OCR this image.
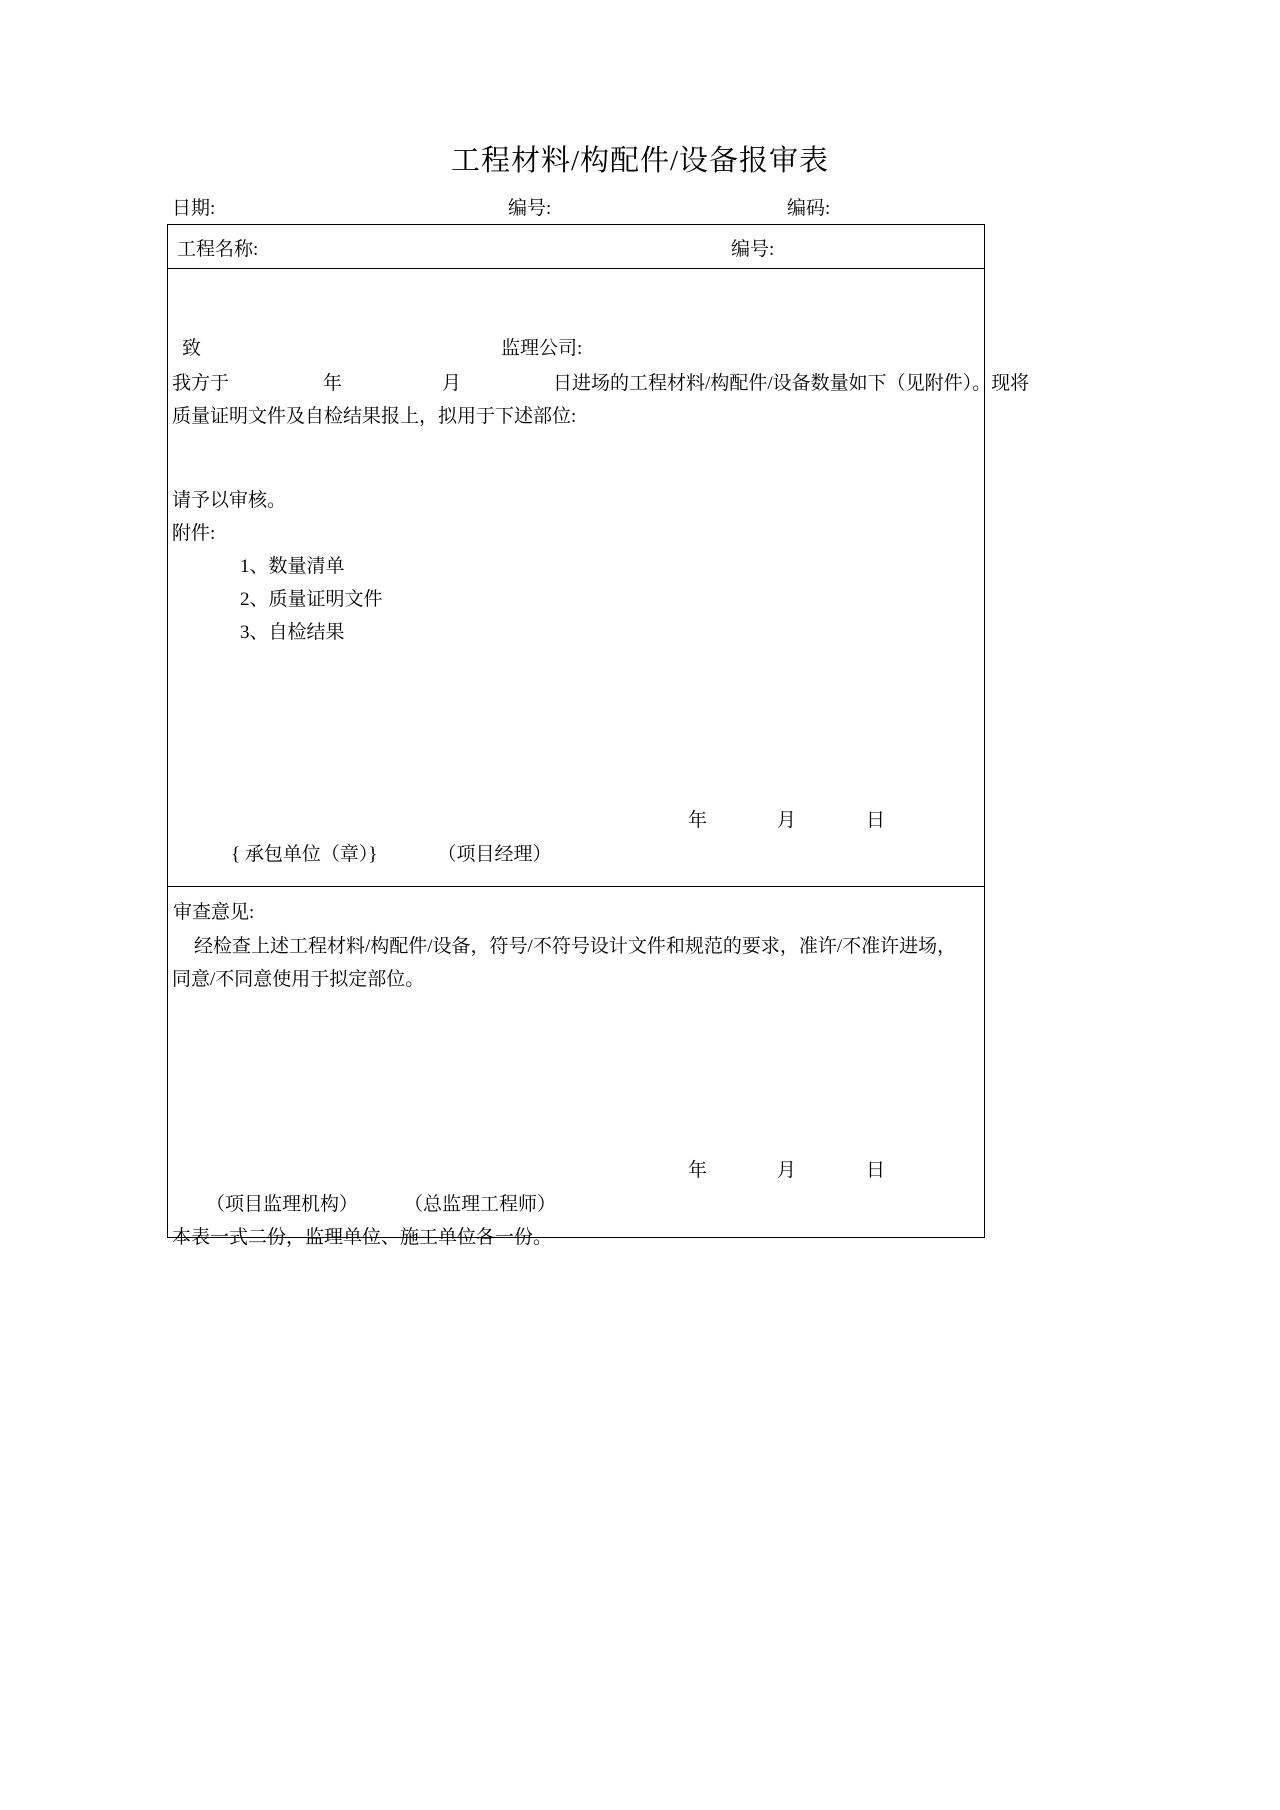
工程材料/构配件/设备报审表
日期:	编号:	编码:
工程名称:	编号:
致	监理公司:
我方于	年	月	日进场的工程材料/构配件/设备数量如下（见附件）。现将
质量证明文件及自检结果报上，拟用于下述部位:
请予以审核。
附件:
1、数量清单
2、质量证明文件
3、自检结果
年	月	日
{ 承包单位（章）}	（项目经理）
审查意见:
经检查上述工程材料/构配件/设备，符号/不符号设计文件和规范的要求，准许/不准许进场，
同意/不同意使用于拟定部位。
年	月	日
（项目监理机构） （总监理工程师）
本表一式二份，监理单位、施工单位各一份。
